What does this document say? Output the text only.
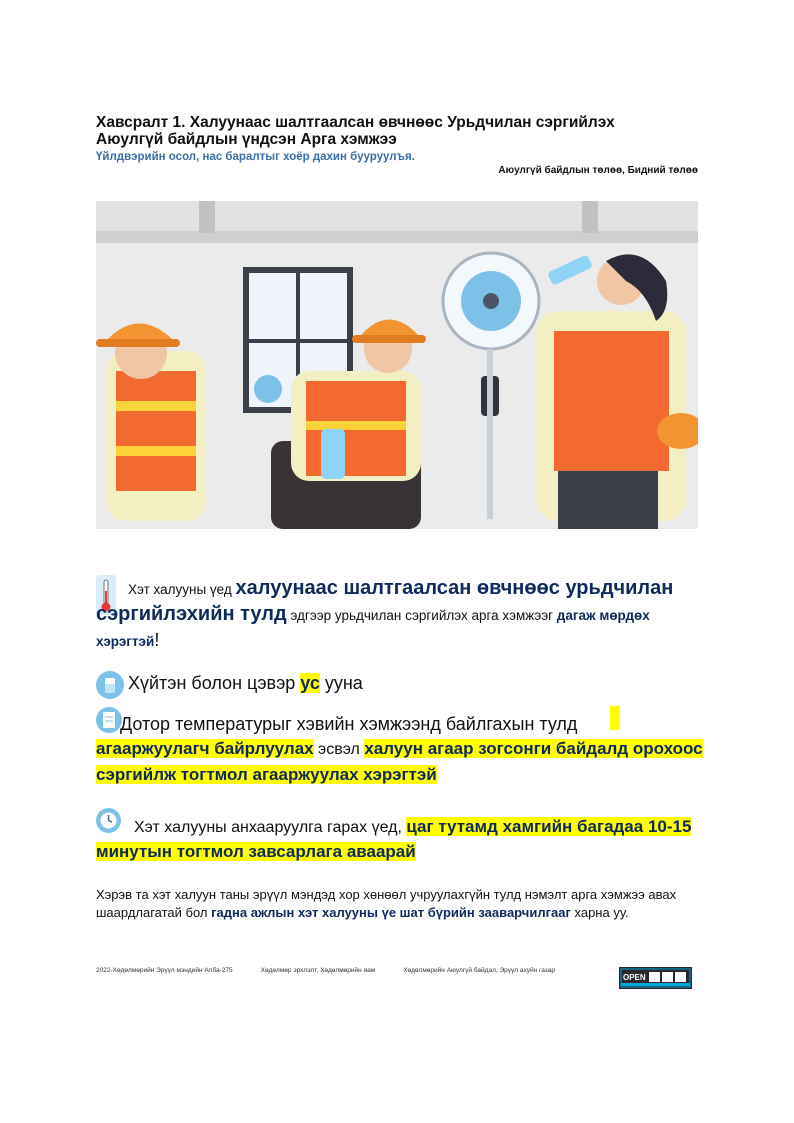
Хавсралт 1. Халуунаас шалтгаалсан өвчнөөс Урьдчилан сэргийлэх
Аюулгүй байдлын үндсэн Арга хэмжээ
Үйлдвэрийн осол, нас баралтыг хоёр дахин бууруулъя.
Аюулгүй байдлын төлөө, Бидний төлөө
Хэт халууны үед халуунаас шалтгаалсан өвчнөөс урьдчилан сэргийлэхийн тулд эдгээр урьдчилан сэргийлэх арга хэмжээг дагаж мөрдөх хэрэгтэй!
Хүйтэн болон цэвэр ус ууна
Дотор температурыг хэвийн хэмжээнд байлгахын тулд
агааржуулагч байрлуулах эсвэл халуун агаар зогсонги байдалд орохоос сэргийлж тогтмол агааржуулах хэрэгтэй
Хэт халууны анхааруулга гарах үед, цаг тутамд хамгийн багадаа 10-15 минутын тогтмол завсарлага аваарай
Хэрэв та хэт халуун таны эрүүл мэндэд хор хөнөөл учруулахгүйн тулд нэмэлт арга хэмжээ авах шаардлагатай бол гадна ажлын хэт халууны үе шат бүрийн зааварчилгааг харна уу.
2022-Хөдөлмөрийн Эрүүл мэндийн Алба-275	Хөдөлмөр эрхлэлт, Хөдөлмөрийн яам	Хөдөлмөрийн Аюулгүй байдал, Эрүүл ахуйн газар
OPEN
